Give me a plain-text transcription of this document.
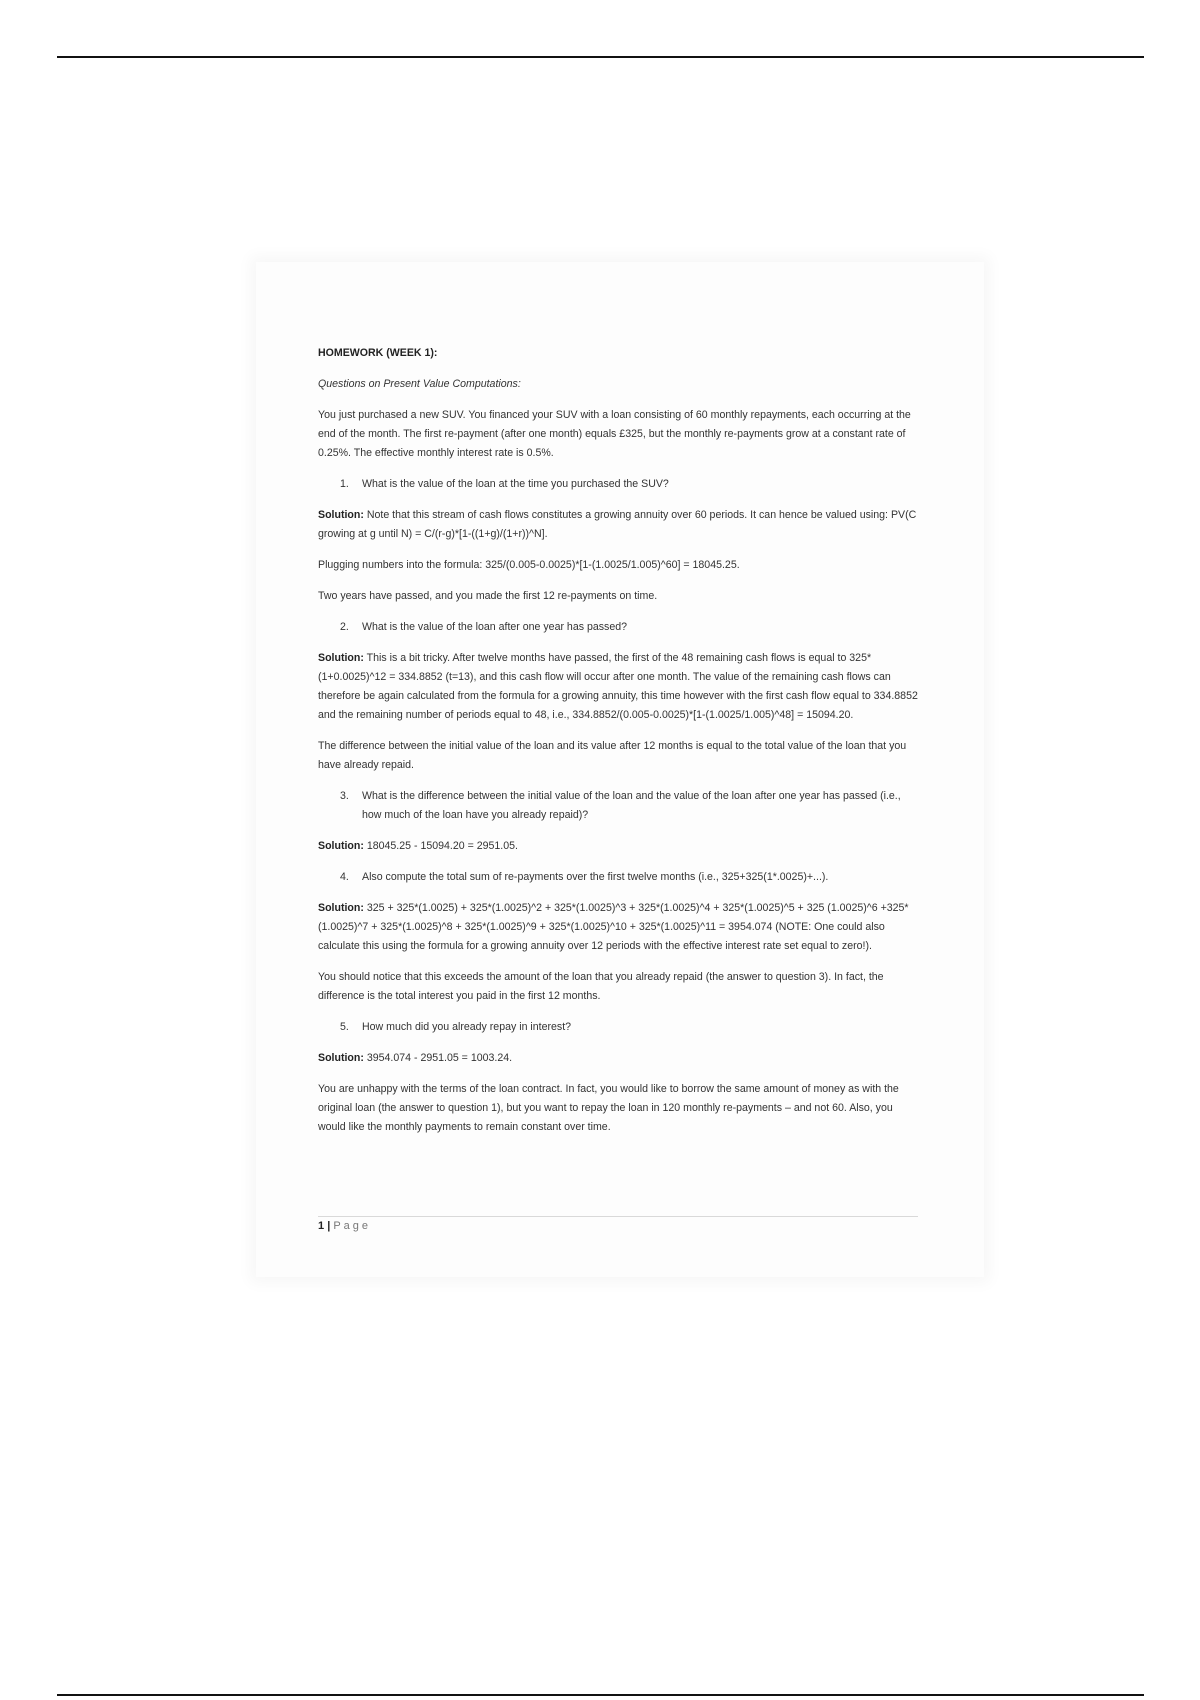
HOMEWORK (WEEK 1):

Questions on Present Value Computations:

You just purchased a new SUV. You financed your SUV with a loan consisting of 60 monthly repayments, each occurring at the end of the month. The first re-payment (after one month) equals £325, but the monthly re-payments grow at a constant rate of 0.25%. The effective monthly interest rate is 0.5%.

1. What is the value of the loan at the time you purchased the SUV?

Solution: Note that this stream of cash flows constitutes a growing annuity over 60 periods. It can hence be valued using: PV(C growing at g until N) = C/(r-g)*[1-((1+g)/(1+r))^N].

Plugging numbers into the formula: 325/(0.005-0.0025)*[1-(1.0025/1.005)^60] = 18045.25.

Two years have passed, and you made the first 12 re-payments on time.

2. What is the value of the loan after one year has passed?

Solution: This is a bit tricky. After twelve months have passed, the first of the 48 remaining cash flows is equal to 325*(1+0.0025)^12 = 334.8852 (t=13), and this cash flow will occur after one month. The value of the remaining cash flows can therefore be again calculated from the formula for a growing annuity, this time however with the first cash flow equal to 334.8852 and the remaining number of periods equal to 48, i.e., 334.8852/(0.005-0.0025)*[1-(1.0025/1.005)^48] = 15094.20.

The difference between the initial value of the loan and its value after 12 months is equal to the total value of the loan that you have already repaid.

3. What is the difference between the initial value of the loan and the value of the loan after one year has passed (i.e., how much of the loan have you already repaid)?

Solution: 18045.25 - 15094.20 = 2951.05.

4. Also compute the total sum of re-payments over the first twelve months (i.e., 325+325(1*.0025)+...).

Solution: 325 + 325*(1.0025) + 325*(1.0025)^2 + 325*(1.0025)^3 + 325*(1.0025)^4 + 325*(1.0025)^5 + 325 (1.0025)^6 +325*(1.0025)^7 + 325*(1.0025)^8 + 325*(1.0025)^9 + 325*(1.0025)^10 + 325*(1.0025)^11 = 3954.074 (NOTE: One could also calculate this using the formula for a growing annuity over 12 periods with the effective interest rate set equal to zero!).

You should notice that this exceeds the amount of the loan that you already repaid (the answer to question 3). In fact, the difference is the total interest you paid in the first 12 months.

5. How much did you already repay in interest?

Solution: 3954.074 - 2951.05 = 1003.24.

You are unhappy with the terms of the loan contract. In fact, you would like to borrow the same amount of money as with the original loan (the answer to question 1), but you want to repay the loan in 120 monthly re-payments – and not 60. Also, you would like the monthly payments to remain constant over time.

1 | Page
